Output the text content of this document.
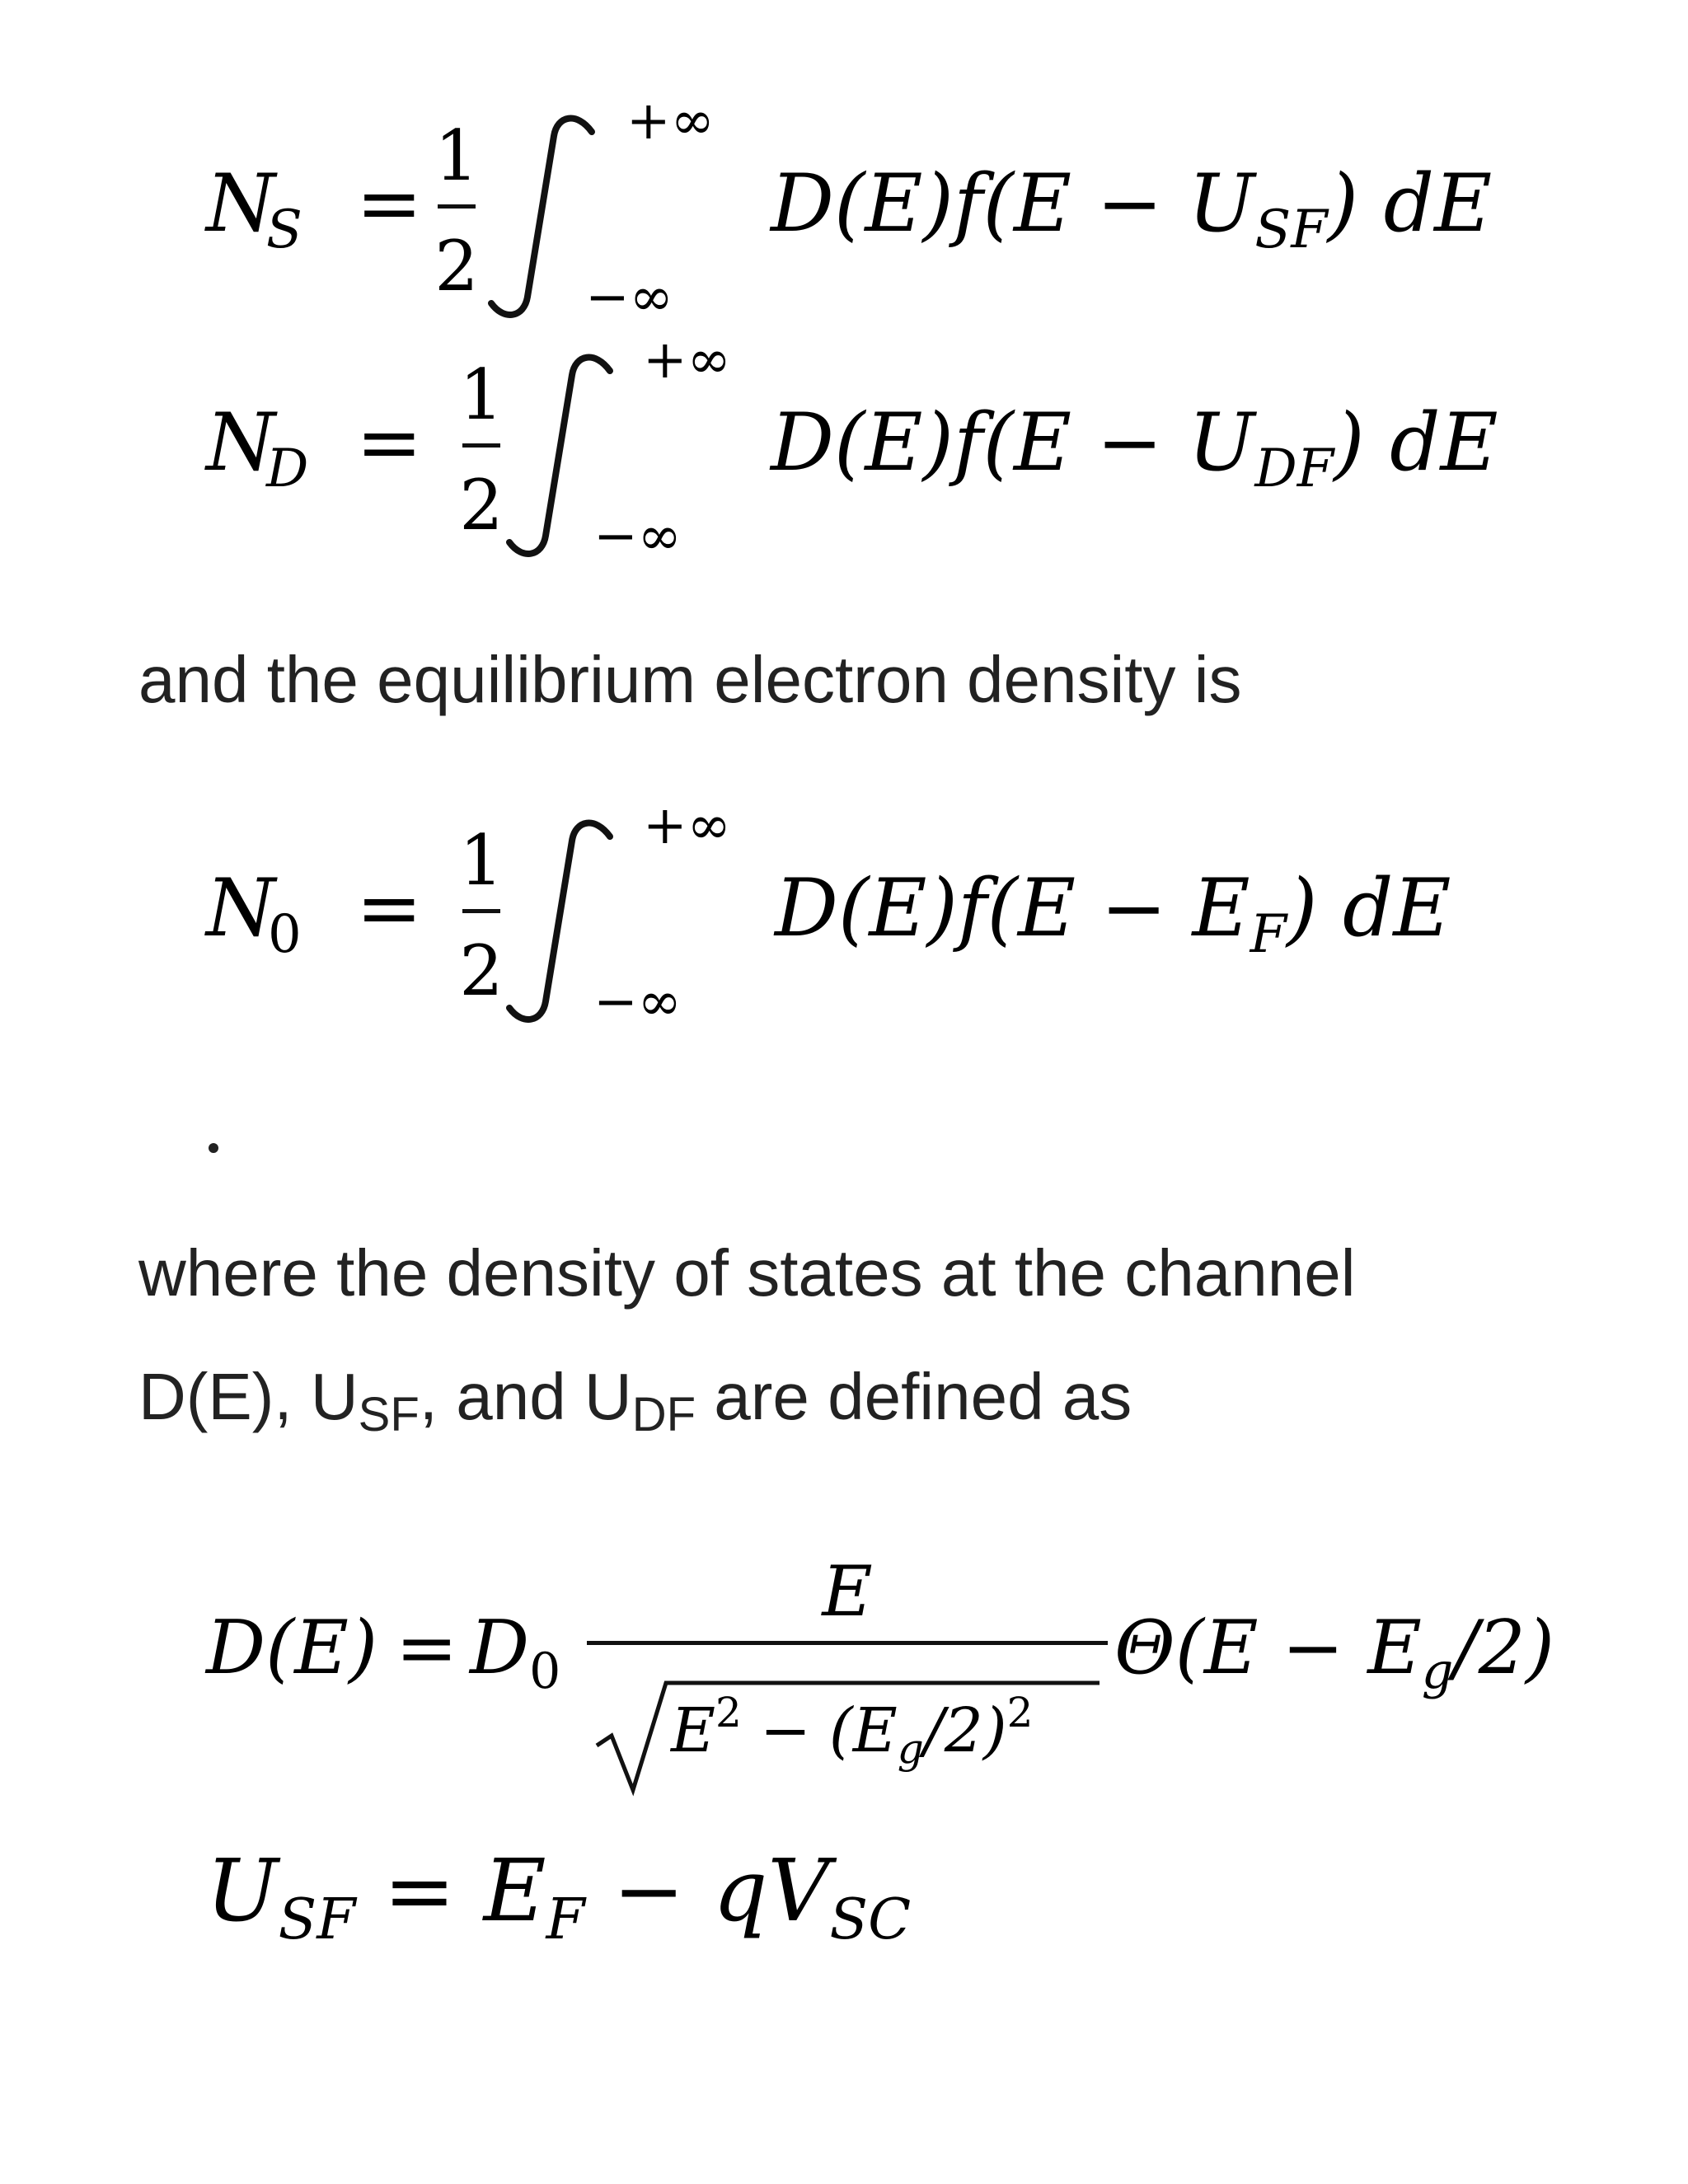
N
S =
1
2
+∞
−∞
$D(E)f(E - U_{SF})$ dE
N
D =
1
2
+∞
−∞
$D(E)f(E - U_{DF})$ dE
and the equilibrium electron density is
N
0 =
1
2
+∞
−∞
$D(E)f(E - E_F)$ dE
where the density of states at the channel
D(E), $U_{SF}$, and $U_{DF}$ are defined as
$D(E) = D_0$
E
$E^2 - (Eg/2)^2$
$\Theta(E - E_g/2)$
$U_{SF} = E_F - qV_{SC}$
